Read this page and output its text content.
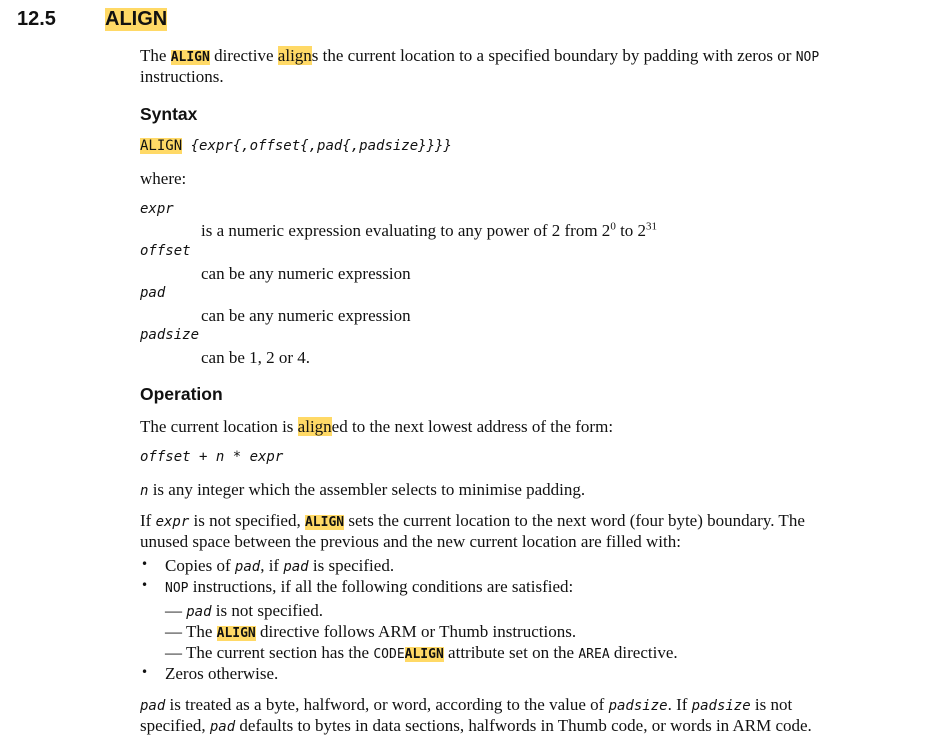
12.5 ALIGN
The ALIGN directive aligns the current location to a specified boundary by padding with zeros or NOP
instructions.
Syntax
ALIGN {expr{,offset{,pad{,padsize}}}}
where:
expr
is a numeric expression evaluating to any power of 2 from $2^0$ to $2^{31}$
offset
can be any numeric expression
pad
can be any numeric expression
padsize
can be 1, 2 or 4.
Operation
The current location is aligned to the next lowest address of the form:
offset + n * expr
n is any integer which the assembler selects to minimise padding.
If expr is not specified, ALIGN sets the current location to the next word (four byte) boundary. The
unused space between the previous and the new current location are filled with:
• Copies of pad, if pad is specified.
• NOP instructions, if all the following conditions are satisfied:
— pad is not specified.
— The ALIGN directive follows ARM or Thumb instructions.
— The current section has the CODEALIGN attribute set on the AREA directive.
• Zeros otherwise.
pad is treated as a byte, halfword, or word, according to the value of padsize. If padsize is not
specified, pad defaults to bytes in data sections, halfwords in Thumb code, or words in ARM code.
